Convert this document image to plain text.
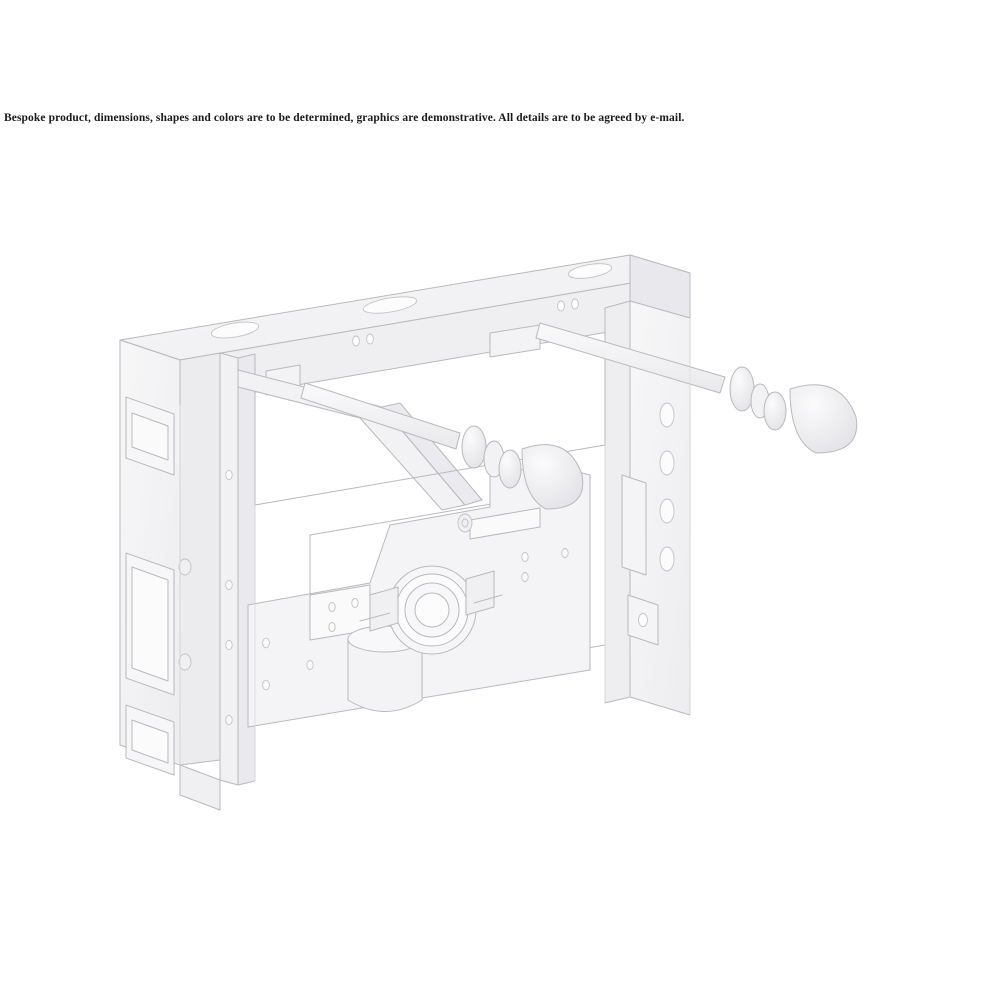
Bespoke product, dimensions, shapes and colors are to be determined, graphics are demonstrative. All details are to be agreed by e-mail.
